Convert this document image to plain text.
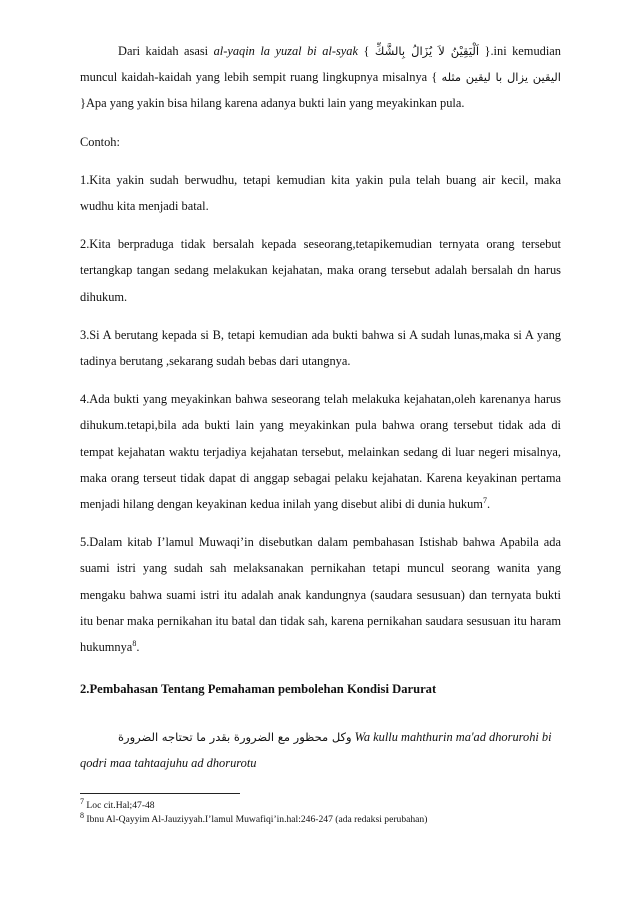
Dari kaidah asasi al-yaqin la yuzal bi al-syak { اَلْيَقِيْنُ لاَ يُزَالُ بِالشَّكِّ }.ini kemudian muncul kaidah-kaidah yang lebih sempit ruang lingkupnya misalnya { اليقين يزال با ليقين مثله }Apa yang yakin bisa hilang karena adanya bukti lain yang meyakinkan pula.

Contoh:

1.Kita yakin sudah berwudhu, tetapi kemudian kita yakin pula telah buang air kecil, maka wudhu kita menjadi batal.

2.Kita berpraduga tidak bersalah kepada seseorang,tetapikemudian ternyata orang tersebut tertangkap tangan sedang melakukan kejahatan, maka orang tersebut adalah bersalah dn harus dihukum.

3.Si A berutang kepada si B, tetapi kemudian ada bukti bahwa si A sudah lunas,maka si A yang tadinya berutang ,sekarang sudah bebas dari utangnya.

4.Ada bukti yang meyakinkan bahwa seseorang telah melakuka kejahatan,oleh karenanya harus dihukum.tetapi,bila ada bukti lain yang meyakinkan pula bahwa orang tersebut tidak ada di tempat kejahatan waktu terjadiya kejahatan tersebut, melainkan sedang di luar negeri misalnya, maka orang terseut tidak dapat di anggap sebagai pelaku kejahatan. Karena keyakinan pertama menjadi hilang dengan keyakinan kedua inilah yang disebut alibi di dunia hukum$^7$.

5.Dalam kitab I’lamul Muwaqi’in disebutkan dalam pembahasan Istishab bahwa Apabila ada suami istri yang sudah sah melaksanakan pernikahan tetapi muncul seorang wanita yang mengaku bahwa suami istri itu adalah anak kandungnya (saudara sesusuan) dan ternyata bukti itu benar maka pernikahan itu batal dan tidak sah, karena pernikahan saudara sesusuan itu haram hukumnya$^8$.

2.Pembahasan Tentang Pemahaman pembolehan Kondisi Darurat
وكل محظور مع الضرورة بقدر ما تحتاجه الضرورة Wa kullu mahthurin ma'ad dhorurohi bi qodri maa tahtaajuhu ad dhorurotu
$^7$ Loc cit.Hal;47-48
$^8$ Ibnu Al-Qayyim Al-Jauziyyah.I’lamul Muwafiqi’in.hal:246-247 (ada redaksi perubahan)
